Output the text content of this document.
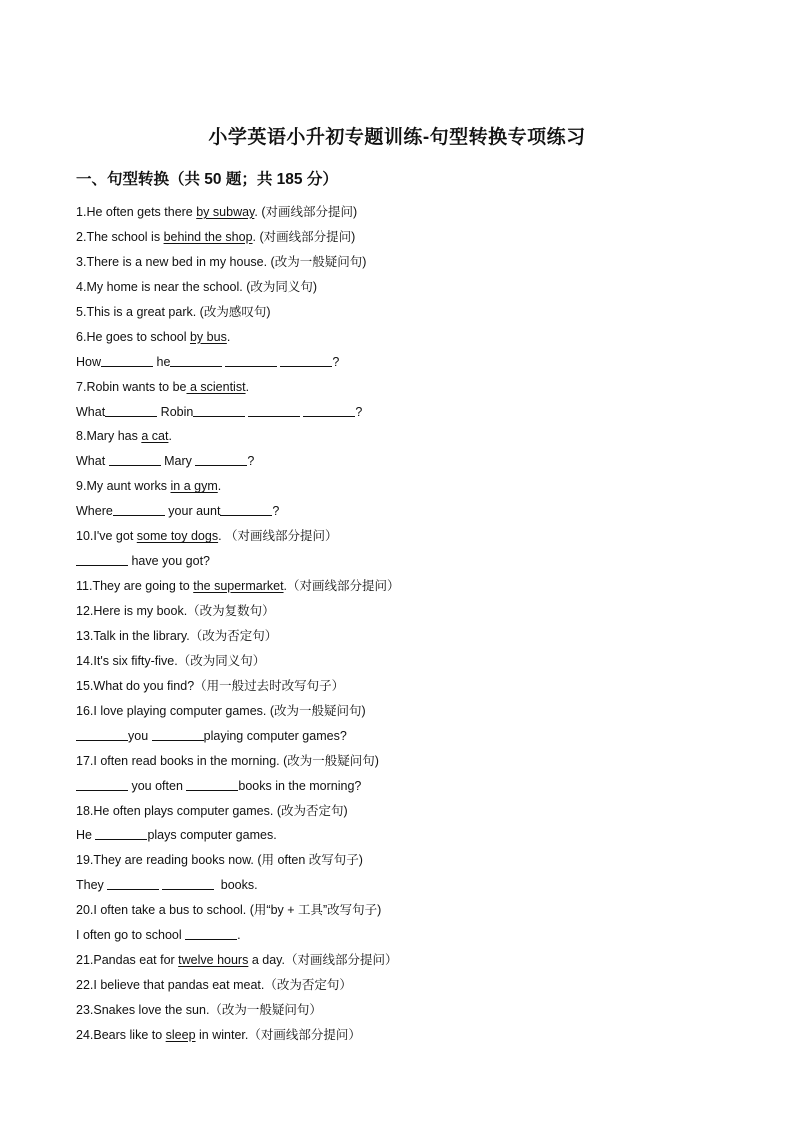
小学英语小升初专题训练-句型转换专项练习
一、句型转换（共 50 题；共 185 分）
1.He often gets there by subway. (对画线部分提问)
2.The school is behind the shop. (对画线部分提问)
3.There is a new bed in my house. (改为一般疑问句)
4.My home is near the school. (改为同义句)
5.This is a great park. (改为感叹句)
6.He goes to school by bus.
How	he	?
7.Robin wants to be a scientist.
What	Robin	?
8.Mary has a cat.
What	Mary	?
9.My aunt works in a gym.
Where	your aunt	?
10.I've got some toy dogs. （对画线部分提问）
have you got?
11.They are going to the supermarket.（对画线部分提问）
12.Here is my book.（改为复数句）
13.Talk in the library.（改为否定句）
14.It's six fifty-five.（改为同义句）
15.What do you find?（用一般过去时改写句子）
16.I love playing computer games. (改为一般疑问句)
you	playing computer games?
17.I often read books in the morning. (改为一般疑问句)
you often	books in the morning?
18.He often plays computer games. (改为否定句)
He	plays computer games.
19.They are reading books now. (用 often 改写句子)
They	books.
20.I often take a bus to school. (用“by + 工具”改写句子)
I often go to school	.
21.Pandas eat for twelve hours a day.（对画线部分提问）
22.I believe that pandas eat meat.（改为否定句）
23.Snakes love the sun.（改为一般疑问句）
24.Bears like to sleep in winter.（对画线部分提问）
